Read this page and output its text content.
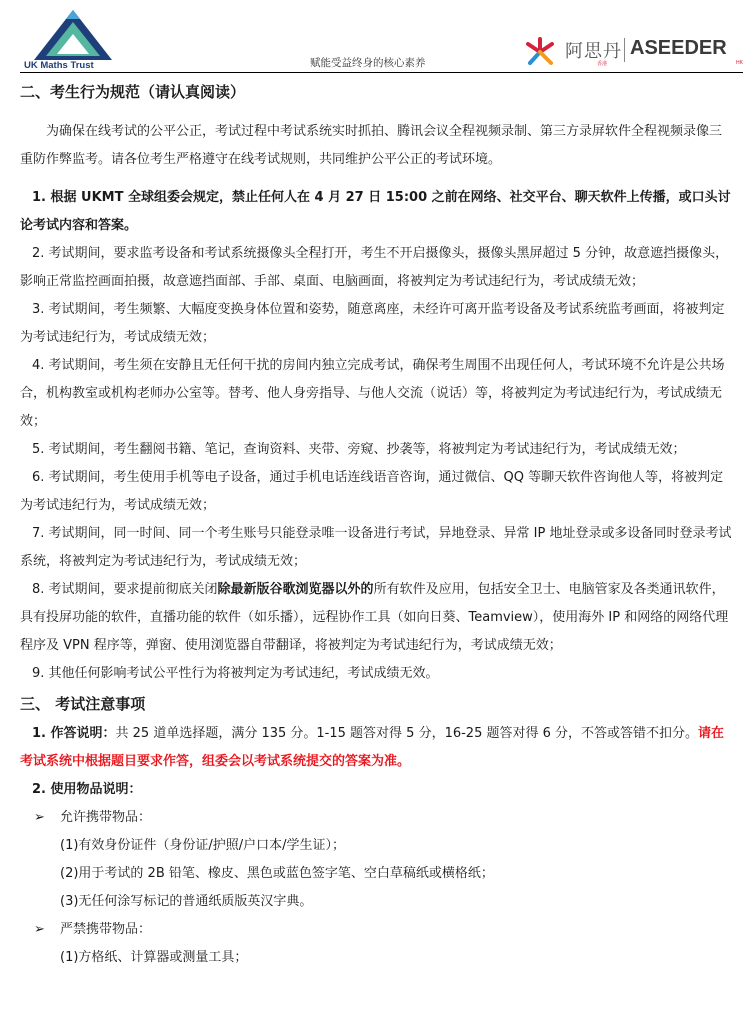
UK Maths Trust	赋能受益终身的核心素养
阿思丹
香港
ASEEDER
HK
二、考生行为规范（请认真阅读）

为确保在线考试的公平公正，考试过程中考试系统实时抓拍、腾讯会议全程视频录制、第三方录屏软件全程视频录像三重防作弊监考。请各位考生严格遵守在线考试规则，共同维护公平公正的考试环境。

1. 根据 UKMT 全球组委会规定，禁止任何人在 4 月 27 日 15:00 之前在网络、社交平台、聊天软件上传播，或口头讨论考试内容和答案。

2. 考试期间，要求监考设备和考试系统摄像头全程打开，考生不开启摄像头，摄像头黑屏超过 5 分钟，故意遮挡摄像头，影响正常监控画面拍摄，故意遮挡面部、手部、桌面、电脑画面，将被判定为考试违纪行为，考试成绩无效；

3. 考试期间，考生频繁、大幅度变换身体位置和姿势，随意离座，未经许可离开监考设备及考试系统监考画面，将被判定为考试违纪行为，考试成绩无效；

4. 考试期间，考生须在安静且无任何干扰的房间内独立完成考试，确保考生周围不出现任何人，考试环境不允许是公共场合，机构教室或机构老师办公室等。替考、他人身旁指导、与他人交流（说话）等，将被判定为考试违纪行为，考试成绩无效；

5. 考试期间，考生翻阅书籍、笔记，查询资料、夹带、旁窥、抄袭等，将被判定为考试违纪行为，考试成绩无效；

6. 考试期间，考生使用手机等电子设备，通过手机电话连线语音咨询，通过微信、QQ 等聊天软件咨询他人等，将被判定为考试违纪行为，考试成绩无效；

7. 考试期间，同一时间、同一个考生账号只能登录唯一设备进行考试，异地登录、异常 IP 地址登录或多设备同时登录考试系统，将被判定为考试违纪行为，考试成绩无效；

8. 考试期间，要求提前彻底关闭除最新版谷歌浏览器以外的所有软件及应用，包括安全卫士、电脑管家及各类通讯软件，具有投屏功能的软件，直播功能的软件（如乐播），远程协作工具（如向日葵、Teamview），使用海外 IP 和网络的网络代理程序及 VPN 程序等，弹窗、使用浏览器自带翻译，将被判定为考试违纪行为，考试成绩无效；

9. 其他任何影响考试公平性行为将被判定为考试违纪，考试成绩无效。

三、 考试注意事项

1. 作答说明：共 25 道单选择题，满分 135 分。1-15 题答对得 5 分，16-25 题答对得 6 分，不答或答错不扣分。请在考试系统中根据题目要求作答，组委会以考试系统提交的答案为准。

2. 使用物品说明：

➢ 允许携带物品：

(1)有效身份证件（身份证/护照/户口本/学生证）；

(2)用于考试的 2B 铅笔、橡皮、黑色或蓝色签字笔、空白草稿纸或横格纸；

(3)无任何涂写标记的普通纸质版英汉字典。

➢ 严禁携带物品：

(1)方格纸、计算器或测量工具；
